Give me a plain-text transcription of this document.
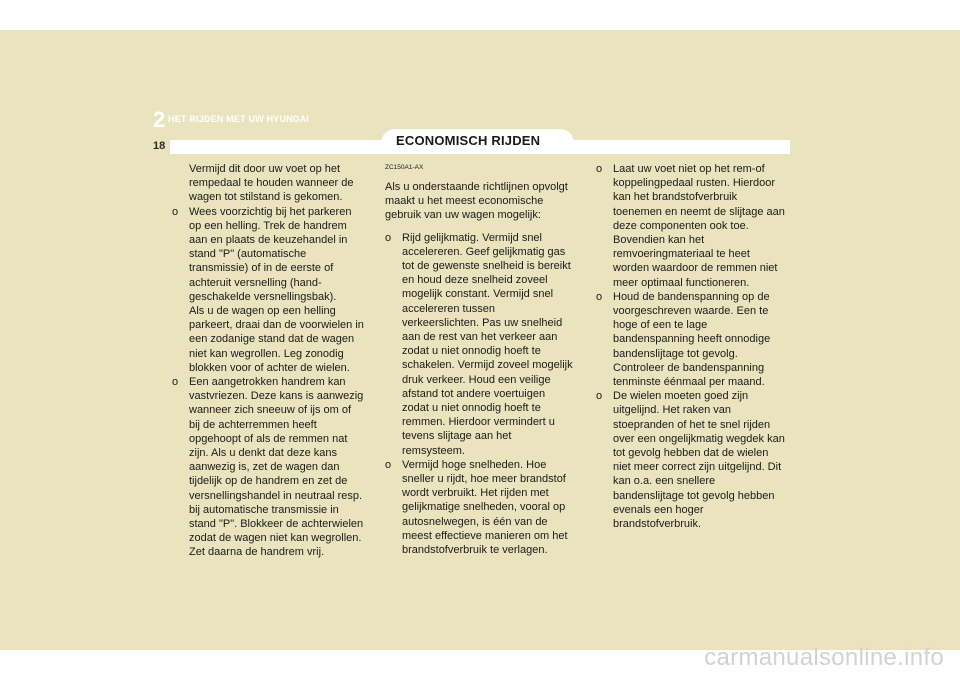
2 HET RIJDEN MET UW HYUNDAI
18	ECONOMISCH RIJDEN

Vermijd dit door uw voet op het rempedaal te houden wanneer de wagen tot stilstand is gekomen.

o Wees voorzichtig bij het parkeren op een helling. Trek de handrem aan en plaats de keuzehandel in stand "P" (automatische transmissie) of in de eerste of achteruit versnelling (hand-geschakelde versnellingsbak).

Als u de wagen op een helling parkeert, draai dan de voorwielen in een zodanige stand dat de wagen niet kan wegrollen. Leg zonodig blokken voor of achter de wielen.

o Een aangetrokken handrem kan vastvriezen. Deze kans is aanwezig wanneer zich sneeuw of ijs om of bij de achterremmen heeft opgehoopt of als de remmen nat zijn. Als u denkt dat deze kans aanwezig is, zet de wagen dan tijdelijk op de handrem en zet de versnellingshandel in neutraal resp. bij automatische transmissie in stand "P". Blokkeer de achterwielen zodat de wagen niet kan wegrollen. Zet daarna de handrem vrij.

ZC150A1-AX

Als u onderstaande richtlijnen opvolgt maakt u het meest economische gebruik van uw wagen mogelijk:

o Rijd gelijkmatig. Vermijd snel accelereren. Geef gelijkmatig gas tot de gewenste snelheid is bereikt en houd deze snelheid zoveel mogelijk constant. Vermijd snel accelereren tussen verkeerslichten. Pas uw snelheid aan de rest van het verkeer aan zodat u niet onnodig hoeft te schakelen. Vermijd zoveel mogelijk druk verkeer. Houd een veilige afstand tot andere voertuigen zodat u niet onnodig hoeft te remmen. Hierdoor vermindert u tevens slijtage aan het remsysteem.

o Vermijd hoge snelheden. Hoe sneller u rijdt, hoe meer brandstof wordt verbruikt. Het rijden met gelijkmatige snelheden, vooral op autosnelwegen, is één van de meest effectieve manieren om het brandstofverbruik te verlagen.

o Laat uw voet niet op het rem-of koppelingpedaal rusten. Hierdoor kan het brandstofverbruik toenemen en neemt de slijtage aan deze componenten ook toe. Bovendien kan het remvoeringmateriaal te heet worden waardoor de remmen niet meer optimaal functioneren.

o Houd de bandenspanning op de voorgeschreven waarde. Een te hoge of een te lage bandenspanning heeft onnodige bandenslijtage tot gevolg.

Controleer de bandenspanning tenminste éénmaal per maand.

o De wielen moeten goed zijn uitgelijnd. Het raken van stoepranden of het te snel rijden over een ongelijkmatig wegdek kan tot gevolg hebben dat de wielen niet meer correct zijn uitgelijnd. Dit kan o.a. een snellere bandenslijtage tot gevolg hebben evenals een hoger brandstofverbruik.

carmanualsonline.info
